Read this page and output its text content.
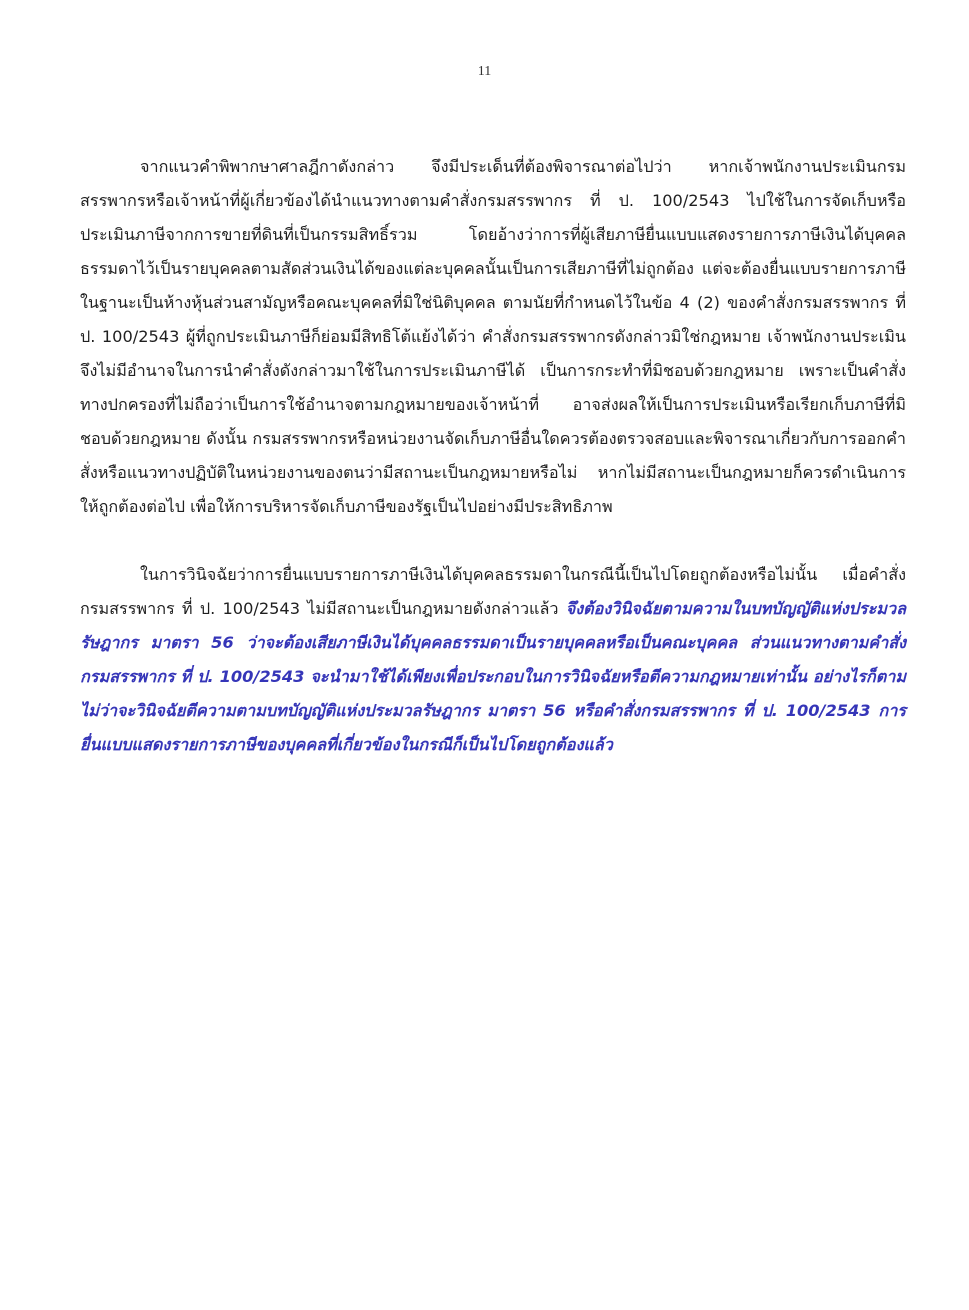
11

จากแนวคำพิพากษาศาลฎีกาดังกล่าว จึงมีประเด็นที่ต้องพิจารณาต่อไปว่า หากเจ้าพนักงานประเมินกรมสรรพากรหรือเจ้าหน้าที่ผู้เกี่ยวข้องได้นำแนวทางตามคำสั่งกรมสรรพากร ที่ ป. 100/2543 ไปใช้ในการจัดเก็บหรือประเมินภาษีจากการขายที่ดินที่เป็นกรรมสิทธิ์รวม โดยอ้างว่าการที่ผู้เสียภาษียื่นแบบแสดงรายการภาษีเงินได้บุคคลธรรมดาไว้เป็นรายบุคคลตามสัดส่วนเงินได้ของแต่ละบุคคลนั้นเป็นการเสียภาษีที่ไม่ถูกต้อง แต่จะต้องยื่นแบบรายการภาษีในฐานะเป็นห้างหุ้นส่วนสามัญหรือคณะบุคคลที่มิใช่นิติบุคคล ตามนัยที่กำหนดไว้ในข้อ 4 (2) ของคำสั่งกรมสรรพากร ที่ ป. 100/2543 ผู้ที่ถูกประเมินภาษีก็ย่อมมีสิทธิโต้แย้งได้ว่า คำสั่งกรมสรรพากรดังกล่าวมิใช่กฎหมาย เจ้าพนักงานประเมินจึงไม่มีอำนาจในการนำคำสั่งดังกล่าวมาใช้ในการประเมินภาษีได้ เป็นการกระทำที่มิชอบด้วยกฎหมาย เพราะเป็นคำสั่งทางปกครองที่ไม่ถือว่าเป็นการใช้อำนาจตามกฎหมายของเจ้าหน้าที่ อาจส่งผลให้เป็นการประเมินหรือเรียกเก็บภาษีที่มิชอบด้วยกฎหมาย ดังนั้น กรมสรรพากรหรือหน่วยงานจัดเก็บภาษีอื่นใดควรต้องตรวจสอบและพิจารณาเกี่ยวกับการออกคำสั่งหรือแนวทางปฏิบัติในหน่วยงานของตนว่ามีสถานะเป็นกฎหมายหรือไม่ หากไม่มีสถานะเป็นกฎหมายก็ควรดำเนินการให้ถูกต้องต่อไป เพื่อให้การบริหารจัดเก็บภาษีของรัฐเป็นไปอย่างมีประสิทธิภาพ

ในการวินิจฉัยว่าการยื่นแบบรายการภาษีเงินได้บุคคลธรรมดาในกรณีนี้เป็นไปโดยถูกต้องหรือไม่นั้น เมื่อคำสั่งกรมสรรพากร ที่ ป. 100/2543 ไม่มีสถานะเป็นกฎหมายดังกล่าวแล้ว จึงต้องวินิจฉัยตามความในบทบัญญัติแห่งประมวลรัษฎากร มาตรา 56 ว่าจะต้องเสียภาษีเงินได้บุคคลธรรมดาเป็นรายบุคคลหรือเป็นคณะบุคคล ส่วนแนวทางตามคำสั่งกรมสรรพากร ที่ ป. 100/2543 จะนำมาใช้ได้เพียงเพื่อประกอบในการวินิจฉัยหรือตีความกฎหมายเท่านั้น อย่างไรก็ตาม ไม่ว่าจะวินิจฉัยตีความตามบทบัญญัติแห่งประมวลรัษฎากร มาตรา 56 หรือคำสั่งกรมสรรพากร ที่ ป. 100/2543 การยื่นแบบแสดงรายการภาษีของบุคคลที่เกี่ยวข้องในกรณีก็เป็นไปโดยถูกต้องแล้ว
